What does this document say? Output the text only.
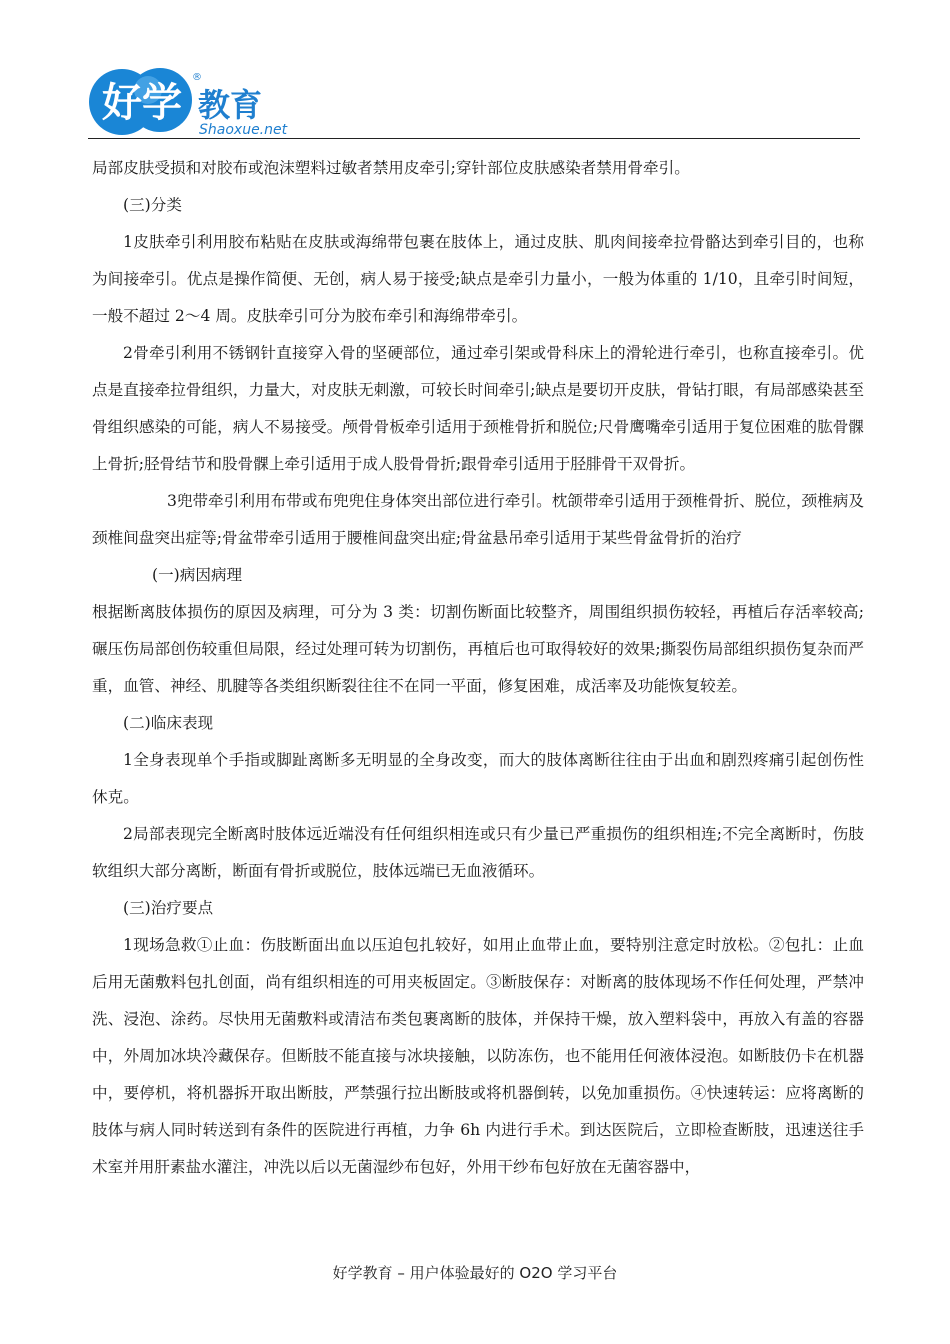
好学 教育
®
Shaoxue.net

局部皮肤受损和对胶布或泡沫塑料过敏者禁用皮牵引;穿针部位皮肤感染者禁用骨牵引。

(三)分类

1皮肤牵引利用胶布粘贴在皮肤或海绵带包裹在肢体上，通过皮肤、肌肉间接牵拉骨骼达到牵引目的，也称为间接牵引。优点是操作简便、无创，病人易于接受;缺点是牵引力量小，一般为体重的 1/10，且牵引时间短，一般不超过 2～4 周。皮肤牵引可分为胶布牵引和海绵带牵引。

2骨牵引利用不锈钢针直接穿入骨的坚硬部位，通过牵引架或骨科床上的滑轮进行牵引，也称直接牵引。优点是直接牵拉骨组织，力量大，对皮肤无刺激，可较长时间牵引;缺点是要切开皮肤，骨钻打眼，有局部感染甚至骨组织感染的可能，病人不易接受。颅骨骨板牵引适用于颈椎骨折和脱位;尺骨鹰嘴牵引适用于复位困难的肱骨髁上骨折;胫骨结节和股骨髁上牵引适用于成人股骨骨折;跟骨牵引适用于胫腓骨干双骨折。

3兜带牵引利用布带或布兜兜住身体突出部位进行牵引。枕颌带牵引适用于颈椎骨折、脱位，颈椎病及颈椎间盘突出症等;骨盆带牵引适用于腰椎间盘突出症;骨盆悬吊牵引适用于某些骨盆骨折的治疗

(一)病因病理

根据断离肢体损伤的原因及病理，可分为 3 类：切割伤断面比较整齐，周围组织损伤较轻，再植后存活率较高;碾压伤局部创伤较重但局限，经过处理可转为切割伤，再植后也可取得较好的效果;撕裂伤局部组织损伤复杂而严重，血管、神经、肌腱等各类组织断裂往往不在同一平面，修复困难，成活率及功能恢复较差。

(二)临床表现

1全身表现单个手指或脚趾离断多无明显的全身改变，而大的肢体离断往往由于出血和剧烈疼痛引起创伤性休克。

2局部表现完全断离时肢体远近端没有任何组织相连或只有少量已严重损伤的组织相连;不完全离断时，伤肢软组织大部分离断，断面有骨折或脱位，肢体远端已无血液循环。

(三)治疗要点

1现场急救①止血：伤肢断面出血以压迫包扎较好，如用止血带止血，要特别注意定时放松。②包扎：止血后用无菌敷料包扎创面，尚有组织相连的可用夹板固定。③断肢保存：对断离的肢体现场不作任何处理，严禁冲洗、浸泡、涂药。尽快用无菌敷料或清洁布类包裹离断的肢体，并保持干燥，放入塑料袋中，再放入有盖的容器中，外周加冰块冷藏保存。但断肢不能直接与冰块接触，以防冻伤，也不能用任何液体浸泡。如断肢仍卡在机器中，要停机，将机器拆开取出断肢，严禁强行拉出断肢或将机器倒转，以免加重损伤。④快速转运：应将离断的肢体与病人同时转送到有条件的医院进行再植，力争 6h 内进行手术。到达医院后，立即检查断肢，迅速送往手术室并用肝素盐水灌注，冲洗以后以无菌湿纱布包好，外用干纱布包好放在无菌容器中，

好学教育 – 用户体验最好的 O2O 学习平台
